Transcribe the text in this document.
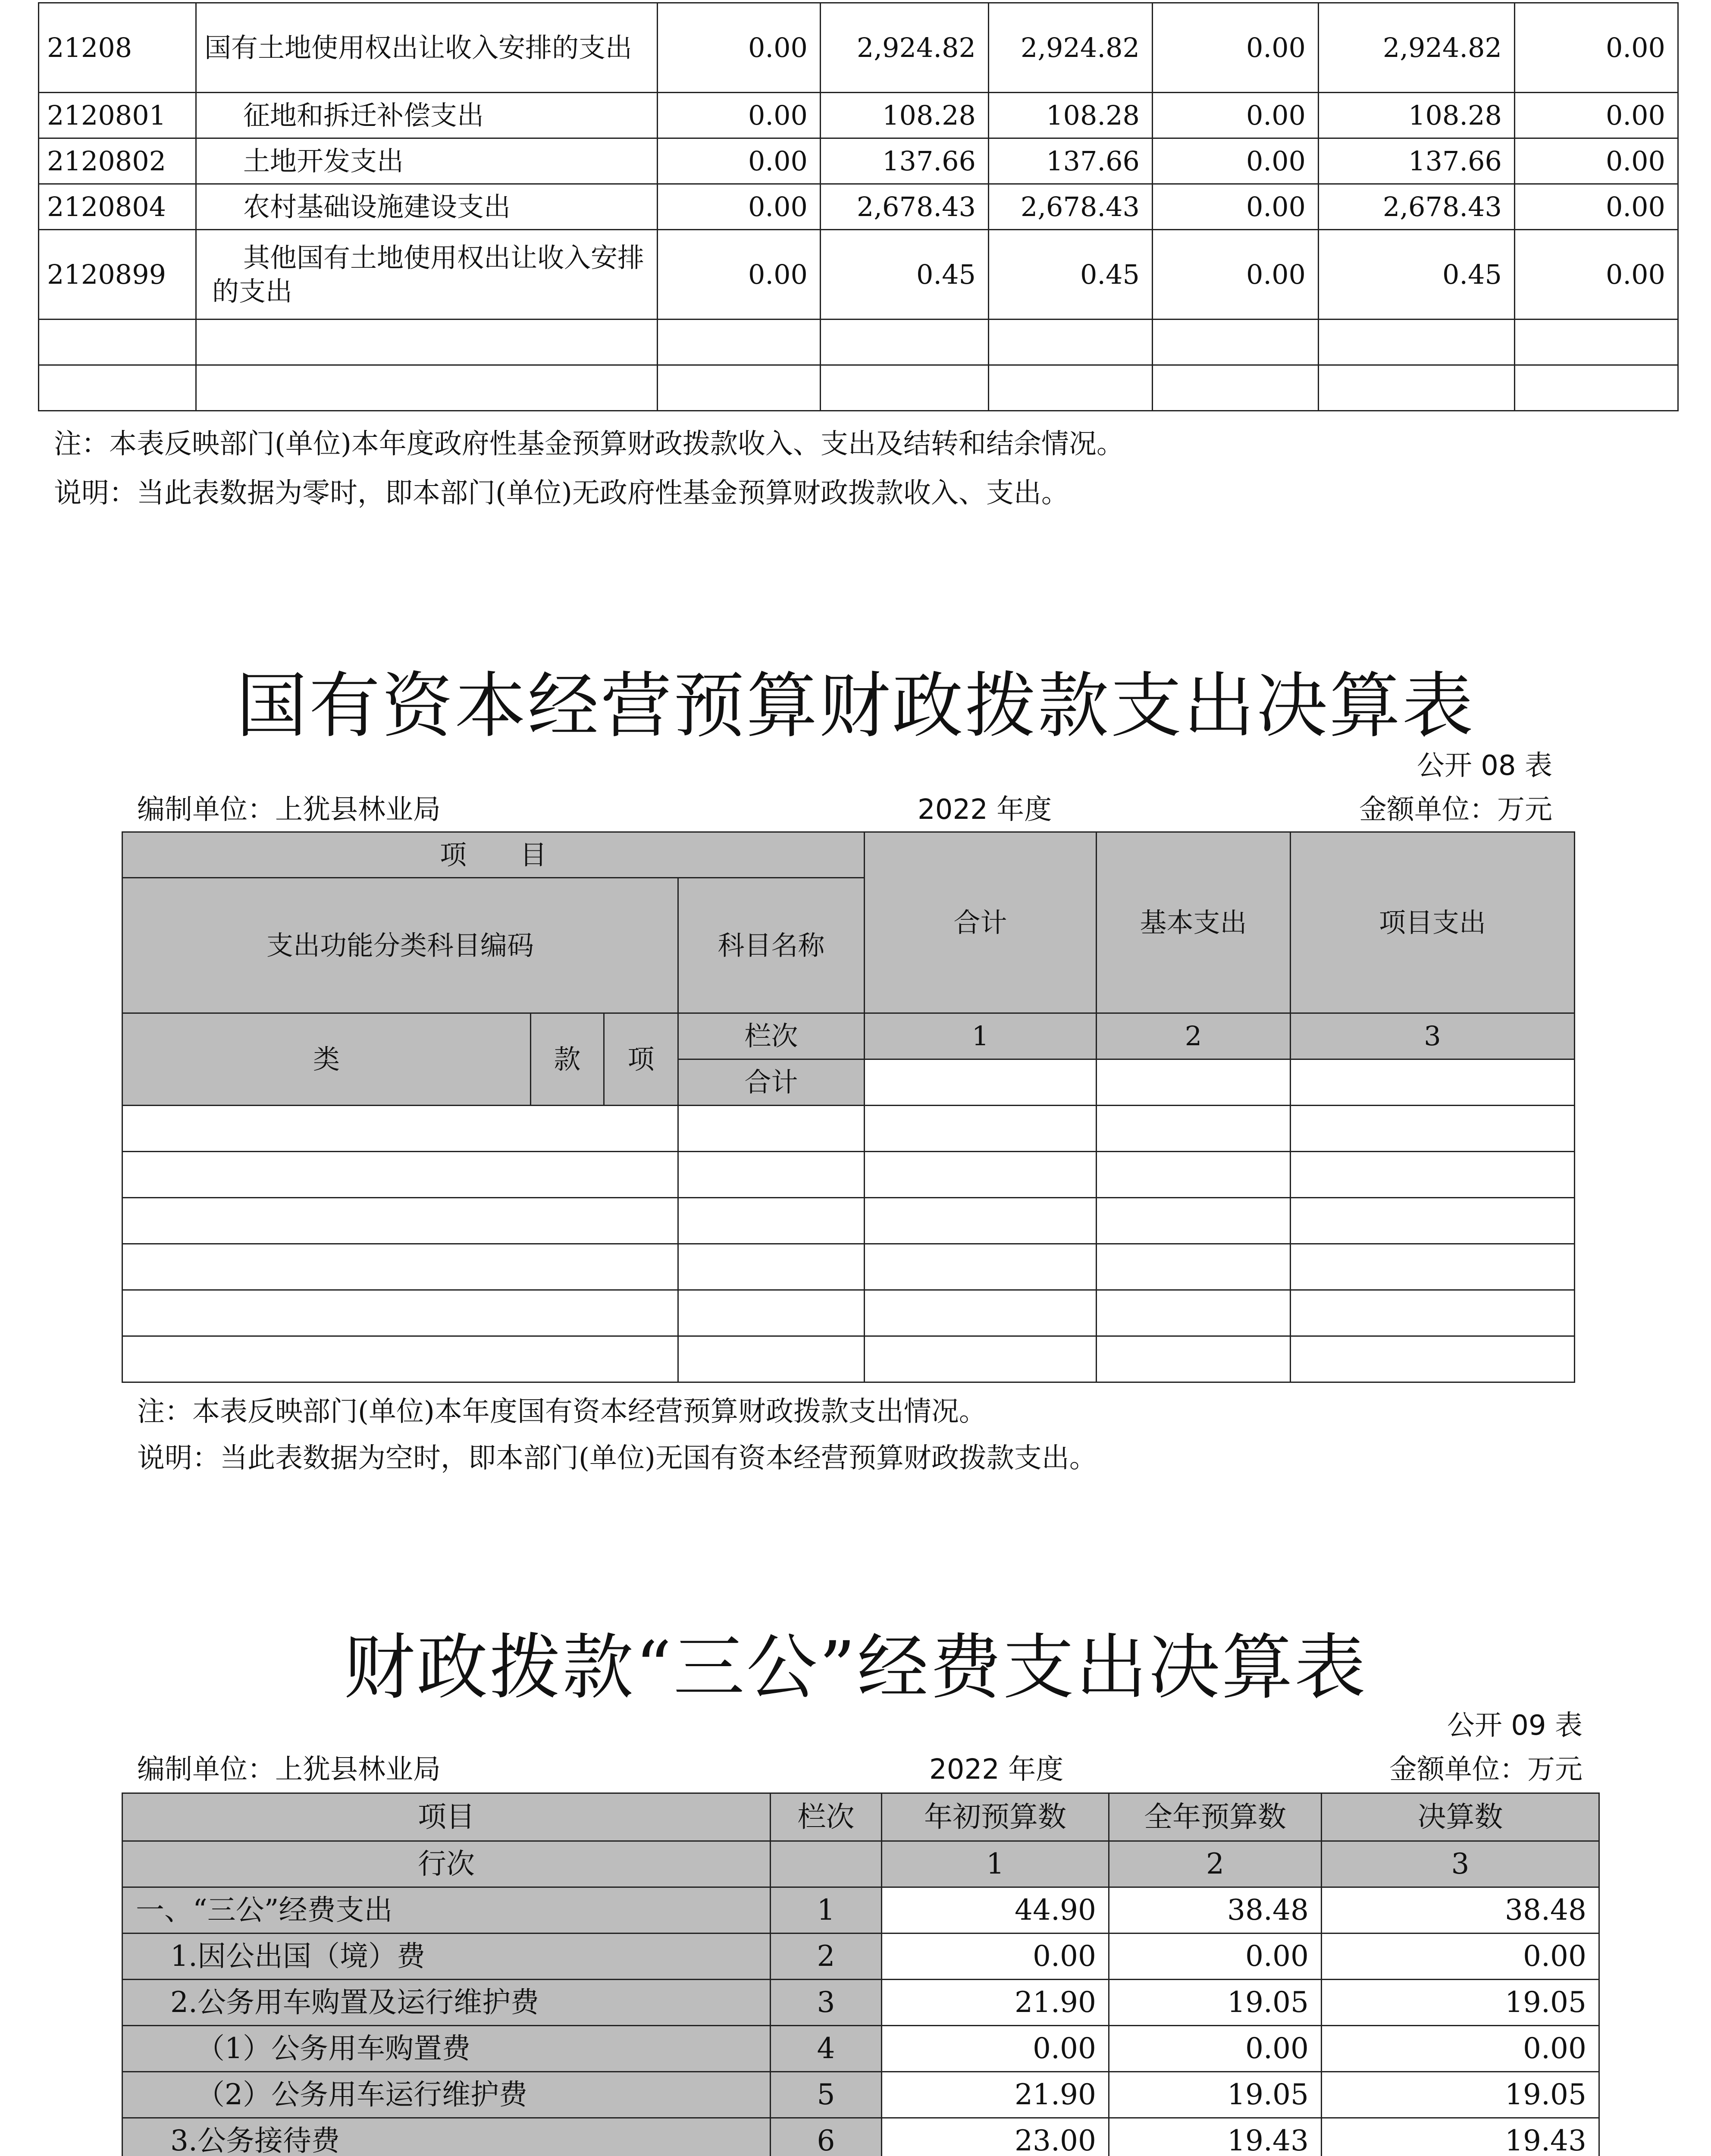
21208	国有土地使用权出让收入安排的支出	0.00	2,924.82	2,924.82	0.00	2,924.82	0.00
2120801	征地和拆迁补偿支出	0.00	108.28	108.28	0.00	108.28	0.00
2120802	土地开发支出	0.00	137.66	137.66	0.00	137.66	0.00
2120804	农村基础设施建设支出	0.00	2,678.43	2,678.43	0.00	2,678.43	0.00
2120899	其他国有土地使用权出让收入安排的支出	0.00	0.45	0.45	0.00	0.45	0.00

注：本表反映部门(单位)本年度政府性基金预算财政拨款收入、支出及结转和结余情况。
说明：当此表数据为零时，即本部门(单位)无政府性基金预算财政拨款收入、支出。
国有资本经营预算财政拨款支出决算表
公开 08 表
编制单位：上犹县林业局	2022 年度	金额单位：万元
项　　目				合计	基本支出	项目支出
支出功能分类科目编码			科目名称			
类	款	项	栏次	1	2	3
			合计			

注：本表反映部门(单位)本年度国有资本经营预算财政拨款支出情况。
说明：当此表数据为空时，即本部门(单位)无国有资本经营预算财政拨款支出。
财政拨款“三公”经费支出决算表
公开 09 表
编制单位：上犹县林业局	2022 年度	金额单位：万元
项目	栏次	年初预算数	全年预算数	决算数
行次		1	2	3
一、“三公”经费支出	1	44.90	38.48	38.48
1.因公出国（境）费	2	0.00	0.00	0.00
2.公务用车购置及运行维护费	3	21.90	19.05	19.05
（1）公务用车购置费	4	0.00	0.00	0.00
（2）公务用车运行维护费	5	21.90	19.05	19.05
3.公务接待费	6	23.00	19.43	19.43
